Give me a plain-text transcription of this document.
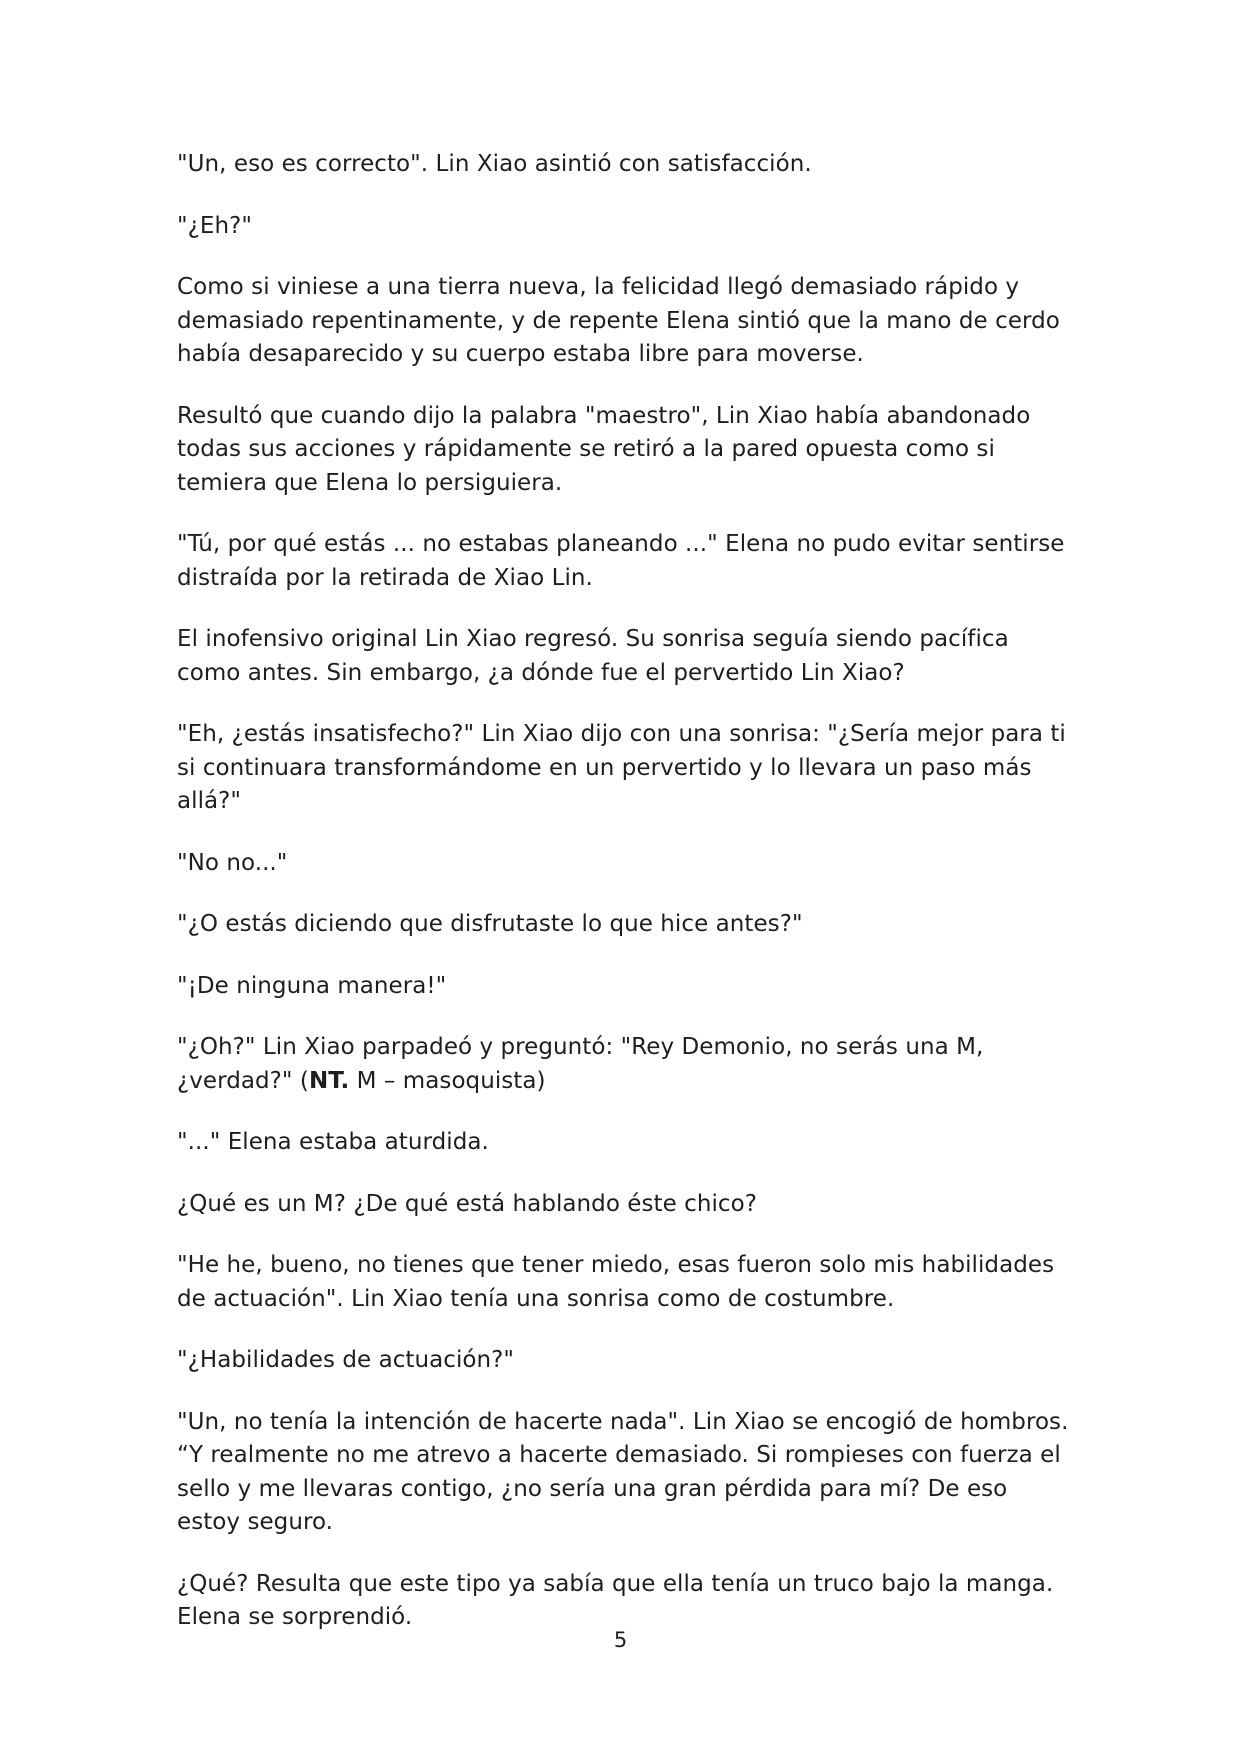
"Un, eso es correcto". Lin Xiao asintió con satisfacción.

"¿Eh?"

Como si viniese a una tierra nueva, la felicidad llegó demasiado rápido y demasiado repentinamente, y de repente Elena sintió que la mano de cerdo había desaparecido y su cuerpo estaba libre para moverse.

Resultó que cuando dijo la palabra "maestro", Lin Xiao había abandonado todas sus acciones y rápidamente se retiró a la pared opuesta como si temiera que Elena lo persiguiera.

"Tú, por qué estás ... no estabas planeando ..." Elena no pudo evitar sentirse distraída por la retirada de Xiao Lin.

El inofensivo original Lin Xiao regresó. Su sonrisa seguía siendo pacífica como antes. Sin embargo, ¿a dónde fue el pervertido Lin Xiao?

"Eh, ¿estás insatisfecho?" Lin Xiao dijo con una sonrisa: "¿Sería mejor para ti si continuara transformándome en un pervertido y lo llevara un paso más allá?"

"No no..."

"¿O estás diciendo que disfrutaste lo que hice antes?"

"¡De ninguna manera!"

"¿Oh?" Lin Xiao parpadeó y preguntó: "Rey Demonio, no serás una M, ¿verdad?" (NT. M – masoquista)

"..." Elena estaba aturdida.

¿Qué es un M? ¿De qué está hablando éste chico?

"He he, bueno, no tienes que tener miedo, esas fueron solo mis habilidades de actuación". Lin Xiao tenía una sonrisa como de costumbre.

"¿Habilidades de actuación?"

"Un, no tenía la intención de hacerte nada". Lin Xiao se encogió de hombros. “Y realmente no me atrevo a hacerte demasiado. Si rompieses con fuerza el sello y me llevaras contigo, ¿no sería una gran pérdida para mí? De eso estoy seguro.

¿Qué? Resulta que este tipo ya sabía que ella tenía un truco bajo la manga. Elena se sorprendió.

5
